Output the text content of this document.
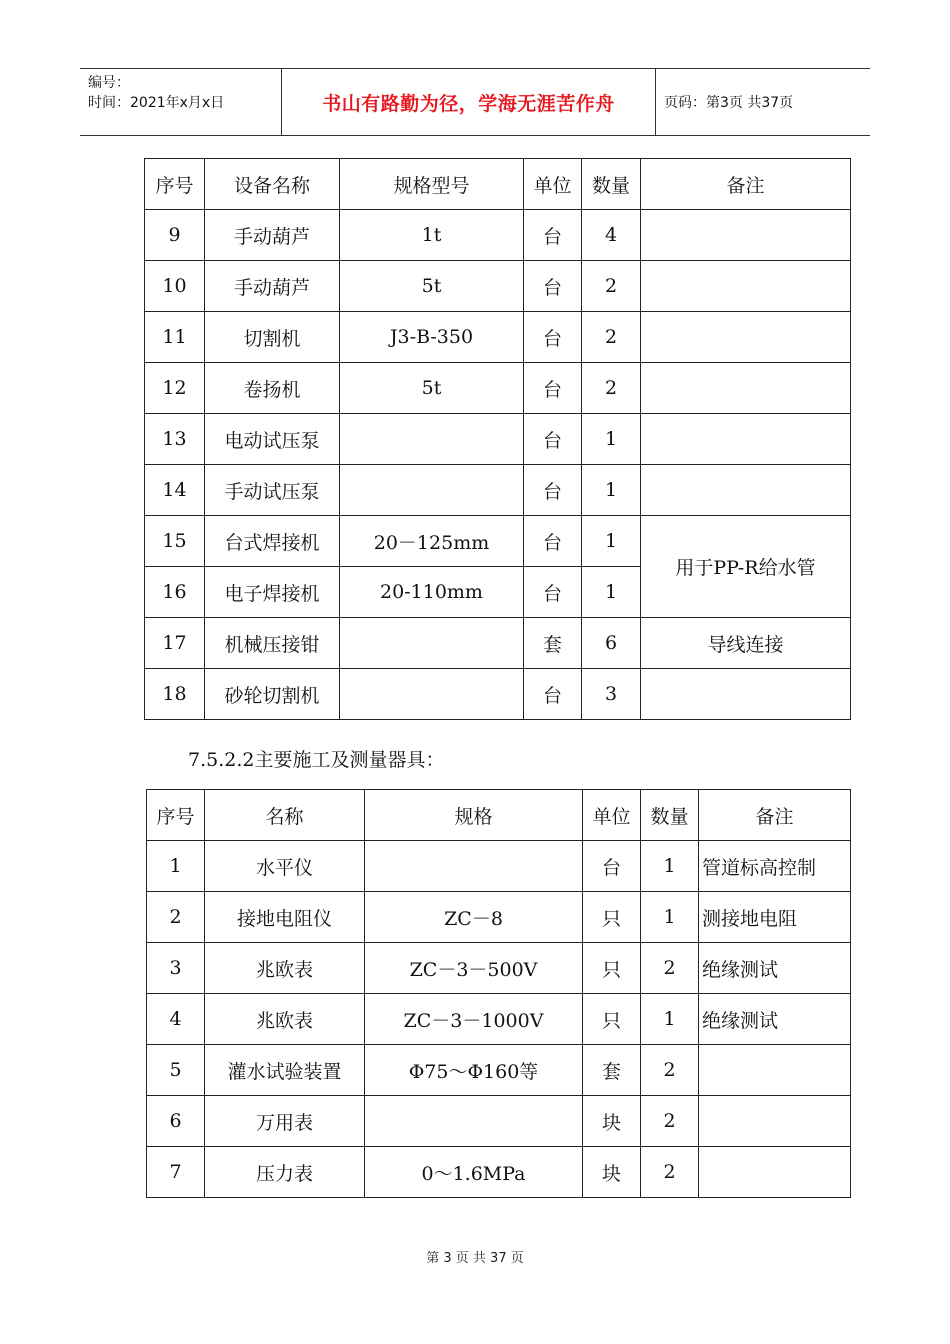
编号：
时间：2021年x月x日	书山有路勤为径，学海无涯苦作舟	页码：第3页 共37页
序号	设备名称	规格型号	单位	数量	备注
9	手动葫芦	1t	台	4	
10	手动葫芦	5t	台	2	
11	切割机	J3-B-350	台	2	
12	卷扬机	5t	台	2	
13	电动试压泵		台	1	
14	手动试压泵		台	1	
15	台式焊接机	20－125mm	台	1	用于PP-R给水管
16	电子焊接机	20-110mm	台	1	
17	机械压接钳		套	6	导线连接
18	砂轮切割机		台	3	
7.5.2.2主要施工及测量器具：
序号	名称	规格	单位	数量	备注
1	水平仪		台	1	管道标高控制
2	接地电阻仪	ZC－8	只	1	测接地电阻
3	兆欧表	ZC－3－500V	只	2	绝缘测试
4	兆欧表	ZC－3－1000V	只	1	绝缘测试
5	灌水试验装置	Φ75～Φ160等	套	2	
6	万用表		块	2	
7	压力表	0～1.6MPa	块	2	
第 3 页 共 37 页
